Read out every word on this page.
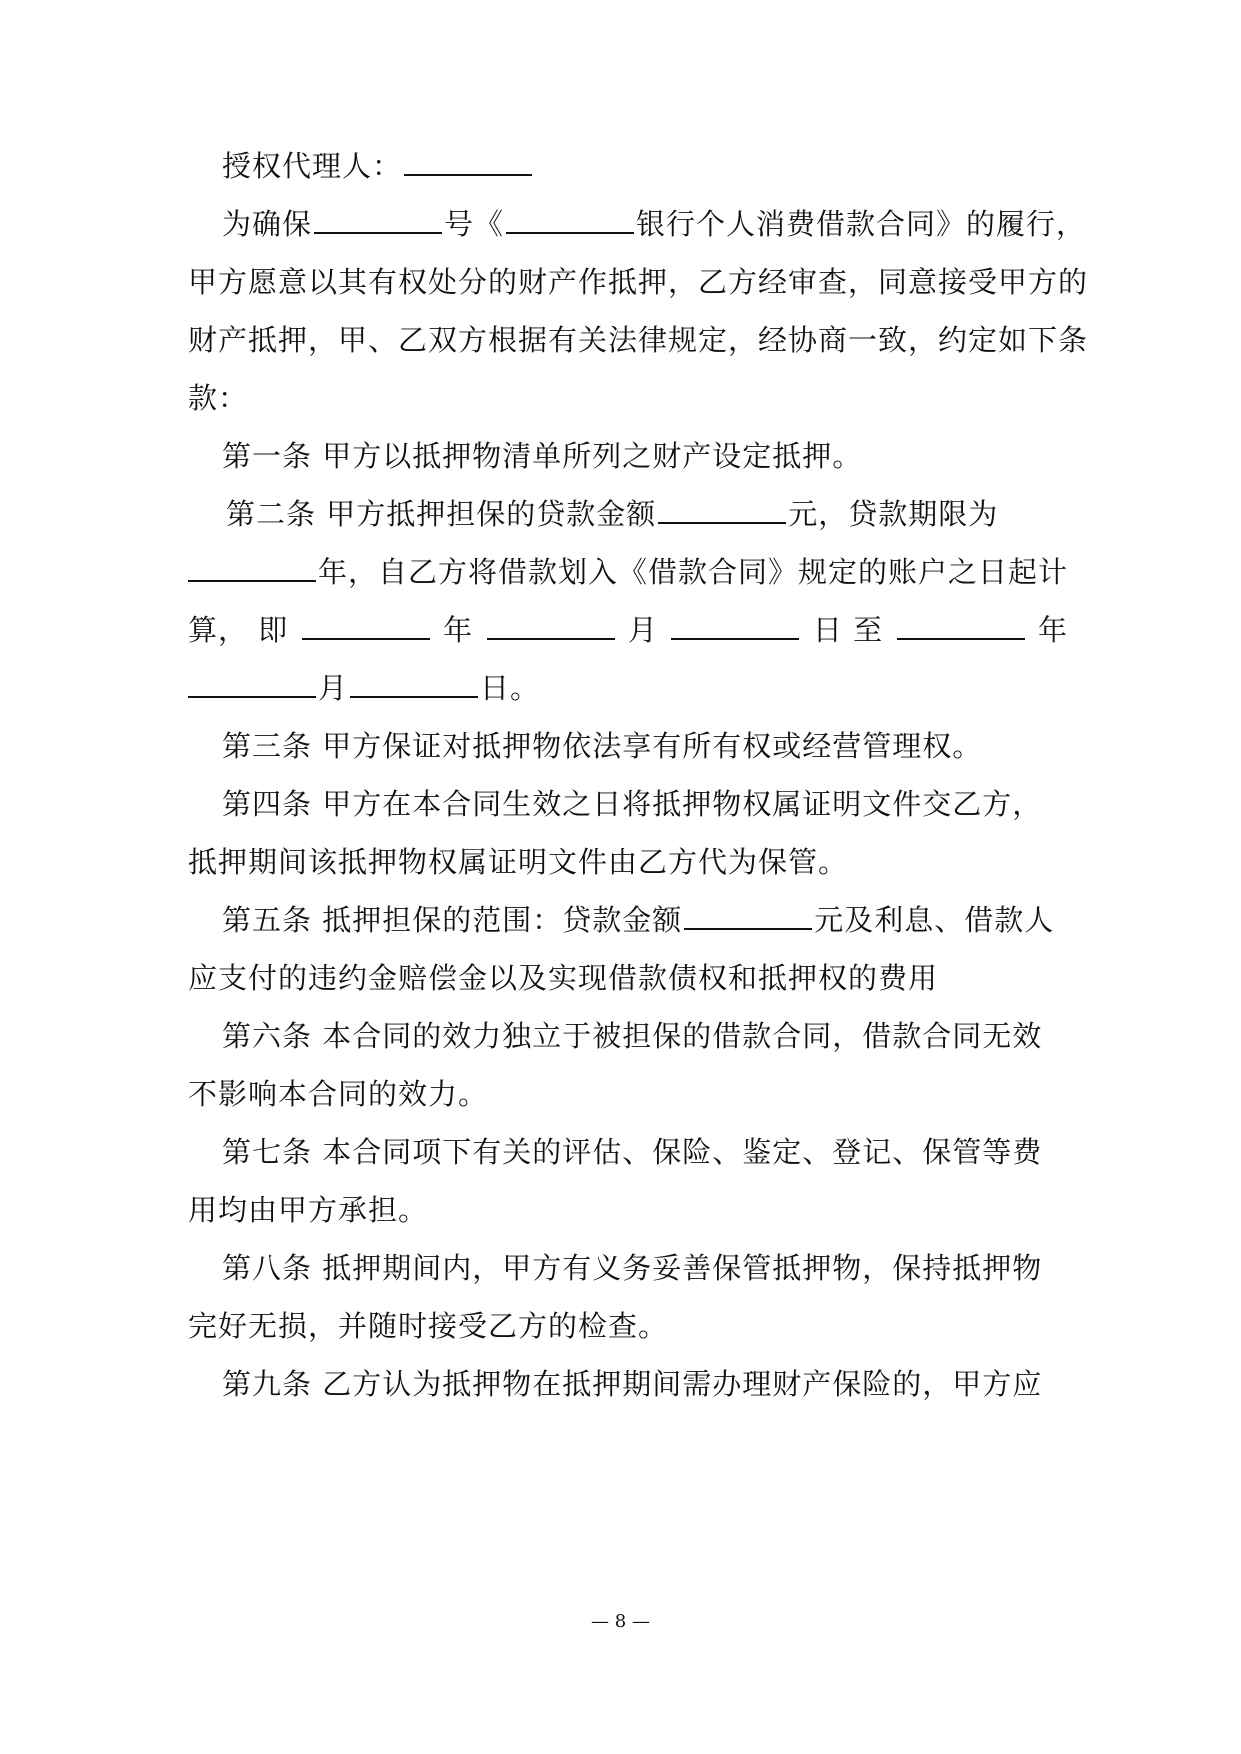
授权代理人：
为确保	号《	银行个人消费借款合同》的履行，
甲方愿意以其有权处分的财产作抵押，乙方经审查，同意接受甲方的
财产抵押，甲、乙双方根据有关法律规定，经协商一致，约定如下条
款：
第一条 甲方以抵押物清单所列之财产设定抵押。
第二条 甲方抵押担保的贷款金额	元，贷款期限为
年，自乙方将借款划入《借款合同》规定的账户之日起计
算， 即	年	月	日 至	年
月	日。
第三条 甲方保证对抵押物依法享有所有权或经营管理权。
第四条 甲方在本合同生效之日将抵押物权属证明文件交乙方，
抵押期间该抵押物权属证明文件由乙方代为保管。
第五条 抵押担保的范围：贷款金额	元及利息、借款人
应支付的违约金赔偿金以及实现借款债权和抵押权的费用
第六条 本合同的效力独立于被担保的借款合同，借款合同无效
不影响本合同的效力。
第七条 本合同项下有关的评估、保险、鉴定、登记、保管等费
用均由甲方承担。
第八条 抵押期间内，甲方有义务妥善保管抵押物，保持抵押物
完好无损，并随时接受乙方的检查。
第九条 乙方认为抵押物在抵押期间需办理财产保险的，甲方应
— 8 —
